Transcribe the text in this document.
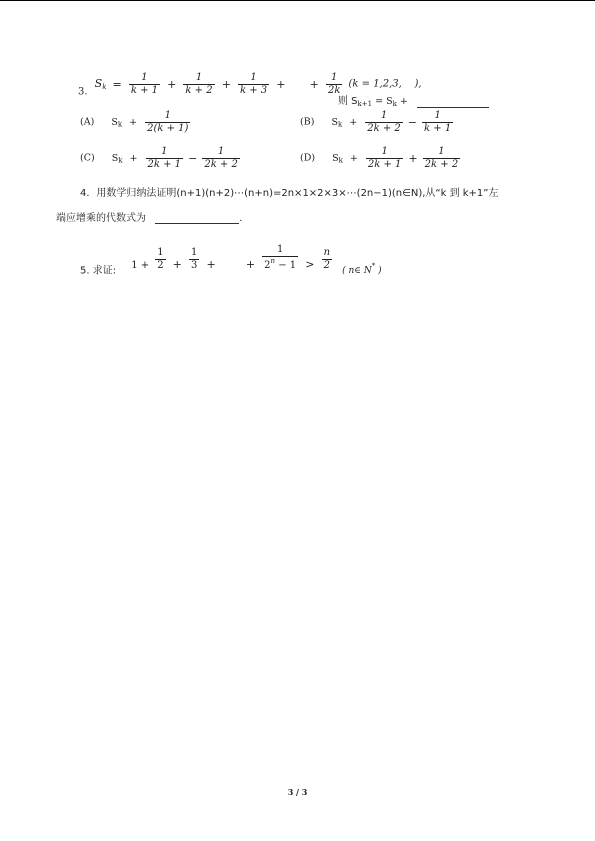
$_{3.}$ $S_k = \frac{1}{k + 1} + \frac{1}{k + 2} + \frac{1}{k + 3}$ + + $\frac{1}{2k} (k = 1,2,3$,    ),
则 $S_{k+1} = S_k$ +
(A) $S_k + \frac{1}{2(k + 1)}$	(B) $S_k + \frac{1}{2k + 2} - \frac{1}{k + 1}$
(C) $S_k + \frac{1}{2k + 1} - \frac{1}{2k + 2}$	(D) $S_k + \frac{1}{2k + 1} + \frac{1}{2k + 2}$
4．用数学归纳法证明(n+1)(n+2)⋯(n+n)=2n×1×2×3×⋯(2n−1)(n∈N),从“k 到 k+1”左
端应增乘的代数式为	.
5. 求证: $^{1 +} \frac{1}{2} ^+ \frac{1}{3} ^+$	$^+ \frac{1}{2^n - 1} ^> \frac{n}{2}$ ( n∈ N* )
3 / 3
